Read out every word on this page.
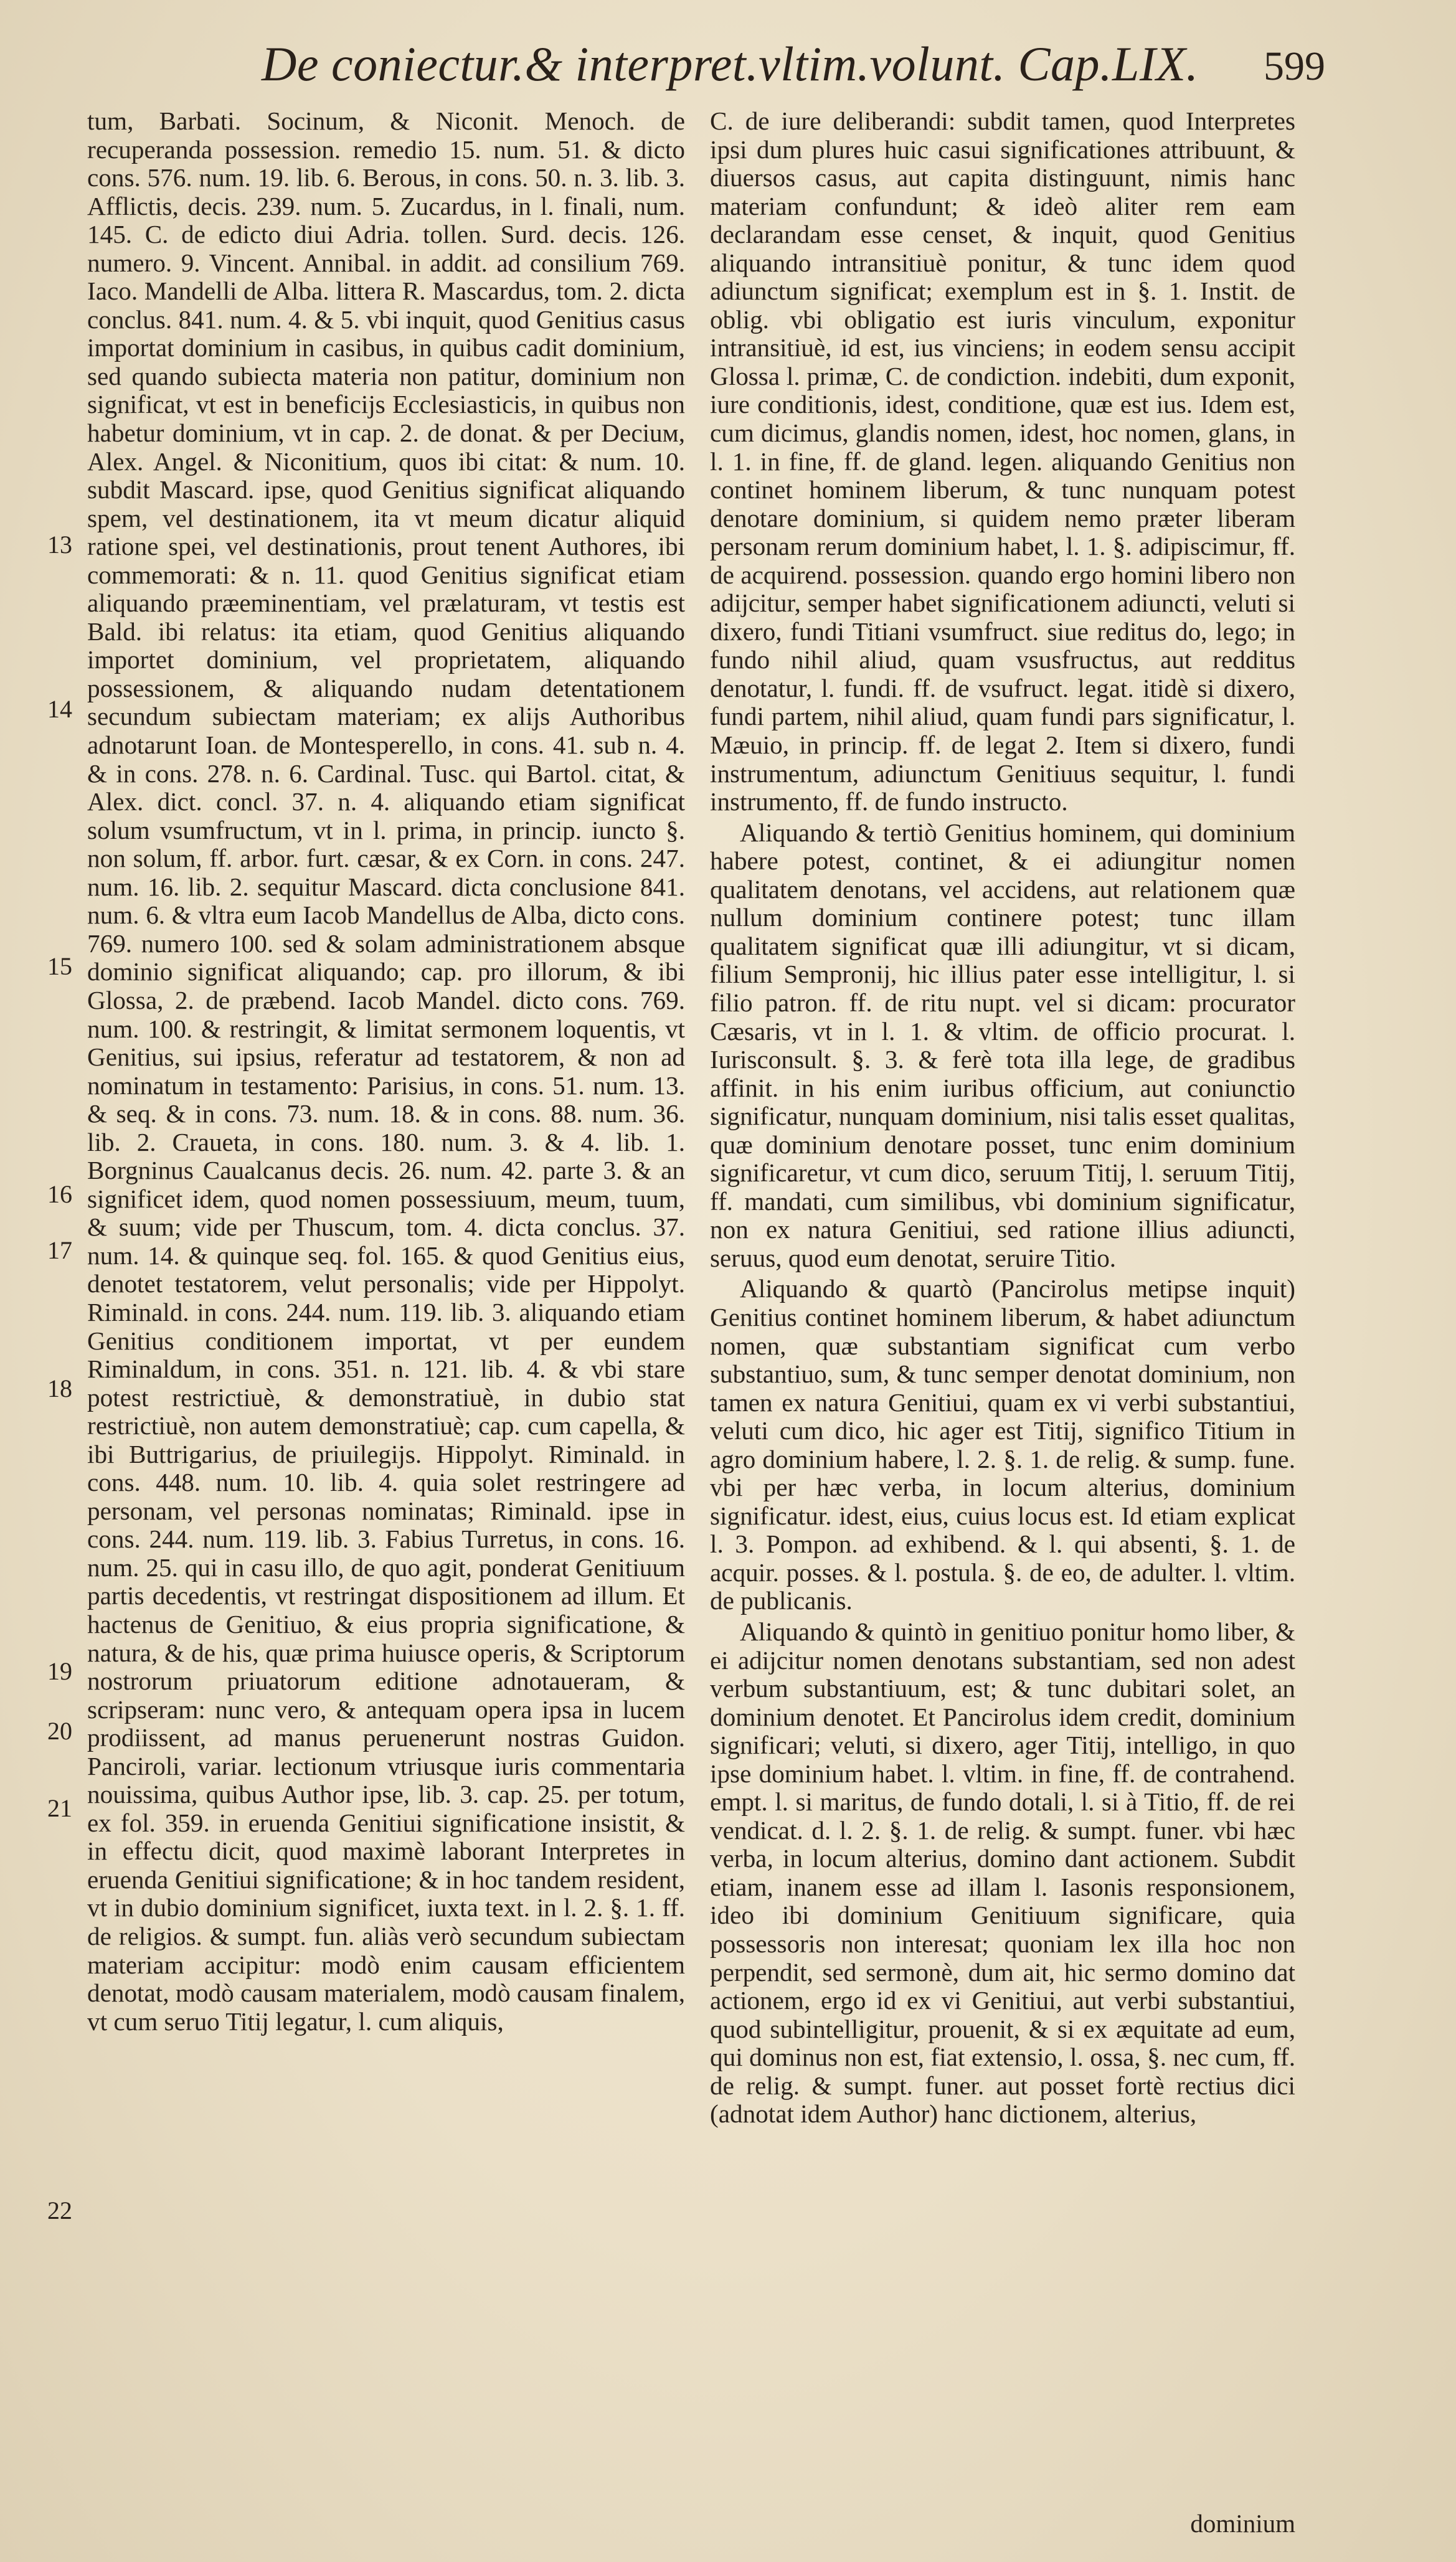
De coniectur.& interpret.vltim.volunt. Cap.LIX. 599
13
14
15
16
17
18
19
20
21
22

tum, Barbati. Socinum, & Niconit. Menoch. de recuperanda possession. remedio 15. num. 51. & dicto cons. 576. num. 19. lib. 6. Berous, in cons. 50. n. 3. lib. 3. Afflictis, decis. 239. num. 5. Zucardus, in l. finali, num. 145. C. de edicto diui Adria. tollen. Surd. decis. 126. numero. 9. Vincent. Annibal. in addit. ad consilium 769. Iaco. Mandelli de Alba. littera R. Mascardus, tom. 2. dicta conclus. 841. num. 4. & 5. vbi inquit, quod Genitius casus importat dominium in casibus, in quibus cadit dominium, sed quando subiecta materia non patitur, dominium non significat, vt est in beneficijs Ecclesiasticis, in quibus non habetur dominium, vt in cap. 2. de donat. & per Deciuм, Alex. Angel. & Niconitium, quos ibi citat: & num. 10. subdit Mascard. ipse, quod Genitius significat aliquando spem, vel destinationem, ita vt meum dicatur aliquid ratione spei, vel destinationis, prout tenent Authores, ibi commemorati: & n. 11. quod Genitius significat etiam aliquando præeminentiam, vel prælaturam, vt testis est Bald. ibi relatus: ita etiam, quod Genitius aliquando importet dominium, vel proprietatem, aliquando possessionem, & aliquando nudam detentationem secundum subiectam materiam; ex alijs Authoribus adnotarunt Ioan. de Montesperello, in cons. 41. sub n. 4. & in cons. 278. n. 6. Cardinal. Tusc. qui Bartol. citat, & Alex. dict. concl. 37. n. 4. aliquando etiam significat solum vsumfructum, vt in l. prima, in princip. iuncto §. non solum, ff. arbor. furt. cæsar, & ex Corn. in cons. 247. num. 16. lib. 2. sequitur Mascard. dicta conclusione 841. num. 6. & vltra eum Iacob Mandellus de Alba, dicto cons. 769. numero 100. sed & solam administrationem absque dominio significat aliquando; cap. pro illorum, & ibi Glossa, 2. de præbend. Iacob Mandel. dicto cons. 769. num. 100. & restringit, & limitat sermonem loquentis, vt Genitius, sui ipsius, referatur ad testatorem, & non ad nominatum in testamento: Parisius, in cons. 51. num. 13. & seq. & in cons. 73. num. 18. & in cons. 88. num. 36. lib. 2. Craueta, in cons. 180. num. 3. & 4. lib. 1. Borgninus Caualcanus decis. 26. num. 42. parte 3. & an significet idem, quod nomen possessiuum, meum, tuum, & suum; vide per Thuscum, tom. 4. dicta conclus. 37. num. 14. & quinque seq. fol. 165. & quod Genitius eius, denotet testatorem, velut personalis; vide per Hippolyt. Riminald. in cons. 244. num. 119. lib. 3. aliquando etiam Genitius conditionem importat, vt per eundem Riminaldum, in cons. 351. n. 121. lib. 4. & vbi stare potest restrictiuè, & demonstratiuè, in dubio stat restrictiuè, non autem demonstratiuè; cap. cum capella, & ibi Buttrigarius, de priuilegijs. Hippolyt. Riminald. in cons. 448. num. 10. lib. 4. quia solet restringere ad personam, vel personas nominatas; Riminald. ipse in cons. 244. num. 119. lib. 3. Fabius Turretus, in cons. 16. num. 25. qui in casu illo, de quo agit, ponderat Genitiuum partis decedentis, vt restringat dispositionem ad illum. Et hactenus de Genitiuo, & eius propria significatione, & natura, & de his, quæ prima huiusce operis, & Scriptorum nostrorum priuatorum editione adnotaueram, & scripseram: nunc vero, & antequam opera ipsa in lucem prodiissent, ad manus peruenerunt nostras Guidon. Panciroli, variar. lectionum vtriusque iuris commentaria nouissima, quibus Author ipse, lib. 3. cap. 25. per totum, ex fol. 359. in eruenda Genitiui significatione insistit, & in effectu dicit, quod maximè laborant Interpretes in eruenda Genitiui significatione; & in hoc tandem resident, vt in dubio dominium significet, iuxta text. in l. 2. §. 1. ff. de religios. & sumpt. fun. aliàs verò secundum subiectam materiam accipitur: modò enim causam efficientem denotat, modò causam materialem, modò causam finalem, vt cum seruo Titij legatur, l. cum aliquis,

C. de iure deliberandi: subdit tamen, quod Interpretes ipsi dum plures huic casui significationes attribuunt, & diuersos casus, aut capita distinguunt, nimis hanc materiam confundunt; & ideò aliter rem eam declarandam esse censet, & inquit, quod Genitius aliquando intransitiuè ponitur, & tunc idem quod adiunctum significat; exemplum est in §. 1. Instit. de oblig. vbi obligatio est iuris vinculum, exponitur intransitiuè, id est, ius vinciens; in eodem sensu accipit Glossa l. primæ, C. de condiction. indebiti, dum exponit, iure conditionis, idest, conditione, quæ est ius. Idem est, cum dicimus, glandis nomen, idest, hoc nomen, glans, in l. 1. in fine, ff. de gland. legen. aliquando Genitius non continet hominem liberum, & tunc nunquam potest denotare dominium, si quidem nemo præter liberam personam rerum dominium habet, l. 1. §. adipiscimur, ff. de acquirend. possession. quando ergo homini libero non adijcitur, semper habet significationem adiuncti, veluti si dixero, fundi Titiani vsumfruct. siue reditus do, lego; in fundo nihil aliud, quam vsusfructus, aut redditus denotatur, l. fundi. ff. de vsufruct. legat. itidè si dixero, fundi partem, nihil aliud, quam fundi pars significatur, l. Mæuio, in princip. ff. de legat 2. Item si dixero, fundi instrumentum, adiunctum Genitiuus sequitur, l. fundi instrumento, ff. de fundo instructo.

Aliquando & tertiò Genitius hominem, qui dominium habere potest, continet, & ei adiungitur nomen qualitatem denotans, vel accidens, aut relationem quæ nullum dominium continere potest; tunc illam qualitatem significat quæ illi adiungitur, vt si dicam, filium Sempronij, hic illius pater esse intelligitur, l. si filio patron. ff. de ritu nupt. vel si dicam: procurator Cæsaris, vt in l. 1. & vltim. de officio procurat. l. Iurisconsult. §. 3. & ferè tota illa lege, de gradibus affinit. in his enim iuribus officium, aut coniunctio significatur, nunquam dominium, nisi talis esset qualitas, quæ dominium denotare posset, tunc enim dominium significaretur, vt cum dico, seruum Titij, l. seruum Titij, ff. mandati, cum similibus, vbi dominium significatur, non ex natura Genitiui, sed ratione illius adiuncti, seruus, quod eum denotat, seruire Titio.

Aliquando & quartò (Pancirolus metipse inquit) Genitius continet hominem liberum, & habet adiunctum nomen, quæ substantiam significat cum verbo substantiuo, sum, & tunc semper denotat dominium, non tamen ex natura Genitiui, quam ex vi verbi substantiui, veluti cum dico, hic ager est Titij, significo Titium in agro dominium habere, l. 2. §. 1. de relig. & sump. fune. vbi per hæc verba, in locum alterius, dominium significatur. idest, eius, cuius locus est. Id etiam explicat l. 3. Pompon. ad exhibend. & l. qui absenti, §. 1. de acquir. posses. & l. postula. §. de eo, de adulter. l. vltim. de publicanis.

Aliquando & quintò in genitiuo ponitur homo liber, & ei adijcitur nomen denotans substantiam, sed non adest verbum substantiuum, est; & tunc dubitari solet, an dominium denotet. Et Pancirolus idem credit, dominium significari; veluti, si dixero, ager Titij, intelligo, in quo ipse dominium habet. l. vltim. in fine, ff. de contrahend. empt. l. si maritus, de fundo dotali, l. si à Titio, ff. de rei vendicat. d. l. 2. §. 1. de relig. & sumpt. funer. vbi hæc verba, in locum alterius, domino dant actionem. Subdit etiam, inanem esse ad illam l. Iasonis responsionem, ideo ibi dominium Genitiuum significare, quia possessoris non interesat; quoniam lex illa hoc non perpendit, sed sermonè, dum ait, hic sermo domino dat actionem, ergo id ex vi Genitiui, aut verbi substantiui, quod subintelligitur, prouenit, & si ex æquitate ad eum, qui dominus non est, fiat extensio, l. ossa, §. nec cum, ff. de relig. & sumpt. funer. aut posset fortè rectius dici (adnotat idem Author) hanc dictionem, alterius,

dominium
